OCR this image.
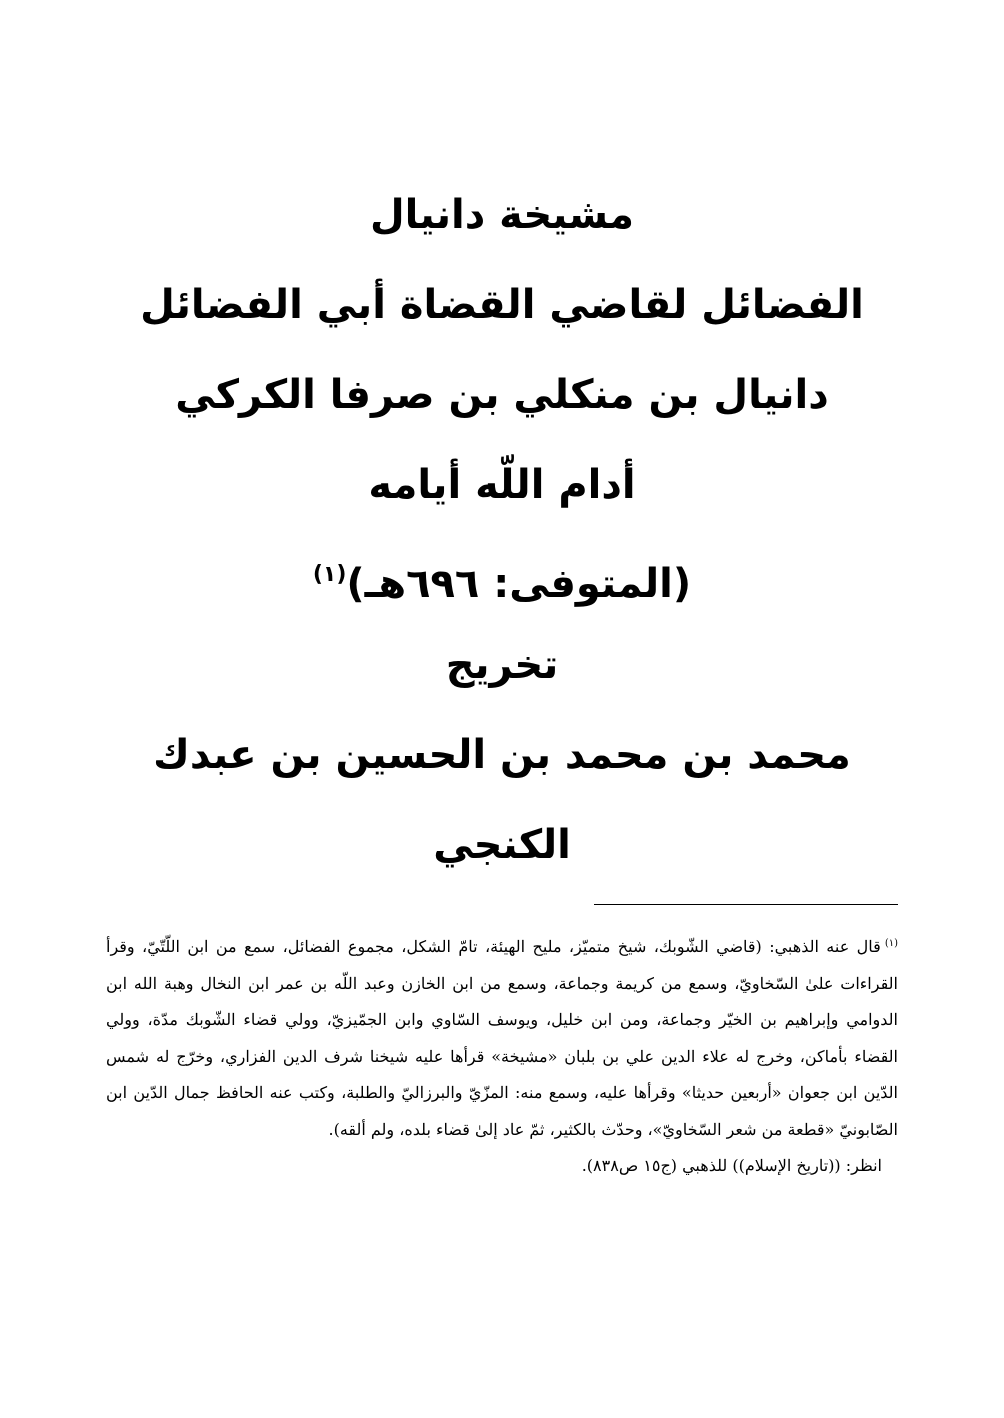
مشيخة دانيال
الفضائل لقاضي القضاة أبي الفضائل
دانيال بن منكلي بن صرفا الكركي
أدام اللّه أيامه
(المتوفى: ٦٩٦هـ)$^{(١)}$
تخريج
محمد بن محمد بن الحسين بن عبدك
الكنجي
$^{(١)}$قال عنه الذهبي: (قاضي الشّوبك، شيخ متميّز، مليح الهيئة، تامّ الشكل، مجموع الفضائل، سمع من ابن اللّتّيّ، وقرأ القراءات علىٰ السّخاويّ، وسمع من كريمة وجماعة، وسمع من ابن الخازن وعبد اللّه بن عمر ابن النخال وهبة الله ابن الدوامي وإبراهيم بن الخيّر وجماعة، ومن ابن خليل، ويوسف السّاوي وابن الجمّيزيّ، وولي قضاء الشّوبك مدّة، وولي القضاء بأماكن، وخرج له علاء الدين علي بن بلبان «مشيخة» قرأها عليه شيخنا شرف الدين الفزاري، وخرّج له شمس الدّين ابن جعوان «أربعين حديثا» وقرأها عليه، وسمع منه: المزّيّ والبرزاليّ والطلبة، وكتب عنه الحافظ جمال الدّين ابن الصّابونيّ «قطعة من شعر السّخاويّ»، وحدّث بالكثير، ثمّ عاد إلىٰ قضاء بلده، ولم ألقه).
انظر: ((تاريخ الإسلام)) للذهبي (ج١٥ ص٨٣٨).
